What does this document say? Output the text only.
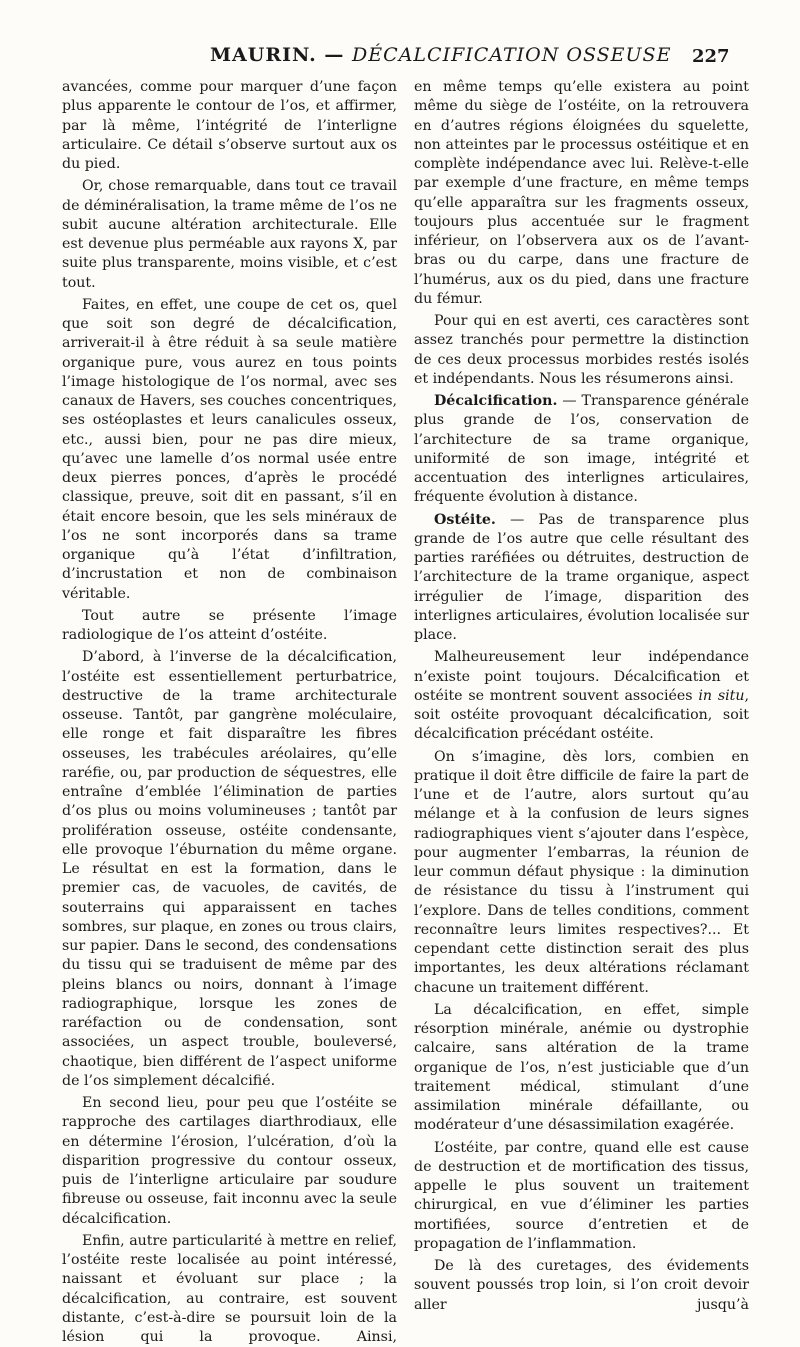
MAURIN. — DÉCALCIFICATION OSSEUSE 227

avancées, comme pour marquer d’une façon plus apparente le contour de l’os, et affirmer, par là même, l’intégrité de l’interligne articulaire. Ce détail s’observe surtout aux os du pied.

Or, chose remarquable, dans tout ce travail de déminéralisation, la trame même de l’os ne subit aucune altération architecturale. Elle est devenue plus perméable aux rayons X, par suite plus transparente, moins visible, et c’est tout.

Faites, en effet, une coupe de cet os, quel que soit son degré de décalcification, arriverait-il à être réduit à sa seule matière organique pure, vous aurez en tous points l’image histologique de l’os normal, avec ses canaux de Havers, ses couches concentriques, ses ostéoplastes et leurs canalicules osseux, etc., aussi bien, pour ne pas dire mieux, qu’avec une lamelle d’os normal usée entre deux pierres ponces, d’après le procédé classique, preuve, soit dit en passant, s’il en était encore besoin, que les sels minéraux de l’os ne sont incorporés dans sa trame organique qu’à l’état d’infiltration, d’incrustation et non de combinaison véritable.

Tout autre se présente l’image radiologique de l’os atteint d’ostéite.

D’abord, à l’inverse de la décalcification, l’ostéite est essentiellement perturbatrice, destructive de la trame architecturale osseuse. Tantôt, par gangrène moléculaire, elle ronge et fait disparaître les fibres osseuses, les trabécules aréolaires, qu’elle raréfie, ou, par production de séquestres, elle entraîne d’emblée l’élimination de parties d’os plus ou moins volumineuses ; tantôt par prolifération osseuse, ostéite condensante, elle provoque l’éburnation du même organe. Le résultat en est la formation, dans le premier cas, de vacuoles, de cavités, de souterrains qui apparaissent en taches sombres, sur plaque, en zones ou trous clairs, sur papier. Dans le second, des condensations du tissu qui se traduisent de même par des pleins blancs ou noirs, donnant à l’image radiographique, lorsque les zones de raréfaction ou de condensation, sont associées, un aspect trouble, bouleversé, chaotique, bien différent de l’aspect uniforme de l’os simplement décalcifié.

En second lieu, pour peu que l’ostéite se rapproche des cartilages diarthrodiaux, elle en détermine l’érosion, l’ulcération, d’où la disparition progressive du contour osseux, puis de l’interligne articulaire par soudure fibreuse ou osseuse, fait inconnu avec la seule décalcification.

Enfin, autre particularité à mettre en relief, l’ostéite reste localisée au point intéressé, naissant et évoluant sur place ; la décalcification, au contraire, est souvent distante, c’est-à-dire se poursuit loin de la lésion qui la provoque. Ainsi,

en même temps qu’elle existera au point même du siège de l’ostéite, on la retrouvera en d’autres régions éloignées du squelette, non atteintes par le processus ostéitique et en complète indépendance avec lui. Relève-t-elle par exemple d’une fracture, en même temps qu’elle apparaîtra sur les fragments osseux, toujours plus accentuée sur le fragment inférieur, on l’observera aux os de l’avant-bras ou du carpe, dans une fracture de l’humérus, aux os du pied, dans une fracture du fémur.

Pour qui en est averti, ces caractères sont assez tranchés pour permettre la distinction de ces deux processus morbides restés isolés et indépendants. Nous les résumerons ainsi.

Décalcification. — Transparence générale plus grande de l’os, conservation de l’architecture de sa trame organique, uniformité de son image, intégrité et accentuation des interlignes articulaires, fréquente évolution à distance.

Ostéite. — Pas de transparence plus grande de l’os autre que celle résultant des parties raréfiées ou détruites, destruction de l’architecture de la trame organique, aspect irrégulier de l’image, disparition des interlignes articulaires, évolution localisée sur place.

Malheureusement leur indépendance n’existe point toujours. Décalcification et ostéite se montrent souvent associées in situ, soit ostéite provoquant décalcification, soit décalcification précédant ostéite.

On s’imagine, dès lors, combien en pratique il doit être difficile de faire la part de l’une et de l’autre, alors surtout qu’au mélange et à la confusion de leurs signes radiographiques vient s’ajouter dans l’espèce, pour augmenter l’embarras, la réunion de leur commun défaut physique : la diminution de résistance du tissu à l’instrument qui l’explore. Dans de telles conditions, comment reconnaître leurs limites respectives?... Et cependant cette distinction serait des plus importantes, les deux altérations réclamant chacune un traitement différent.

La décalcification, en effet, simple résorption minérale, anémie ou dystrophie calcaire, sans altération de la trame organique de l’os, n’est justiciable que d’un traitement médical, stimulant d’une assimilation minérale défaillante, ou modérateur d’une désassimilation exagérée.

L’ostéite, par contre, quand elle est cause de destruction et de mortification des tissus, appelle le plus souvent un traitement chirurgical, en vue d’éliminer les parties mortifiées, source d’entretien et de propagation de l’inflammation.

De là des curetages, des évidements souvent poussés trop loin, si l’on croit devoir aller jusqu’à
